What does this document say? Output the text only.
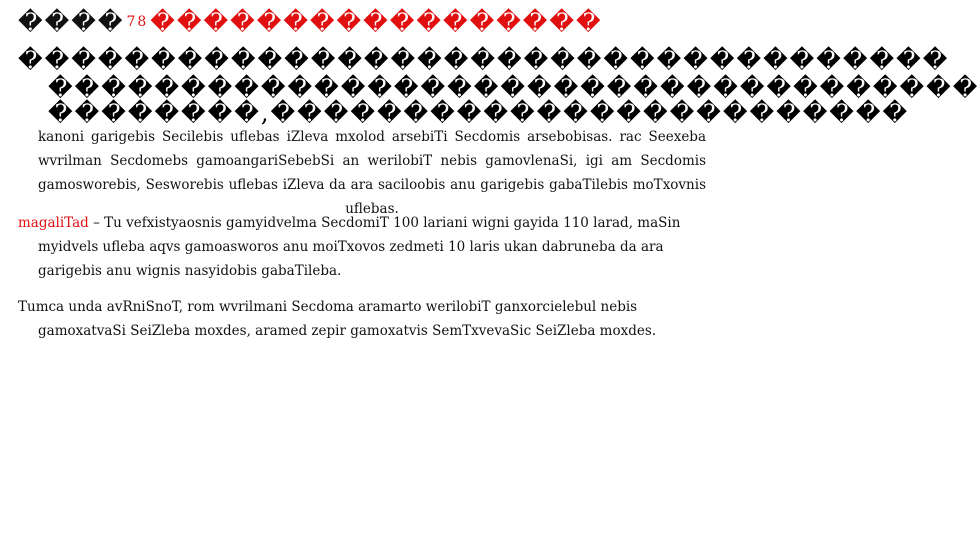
���� $^{78}$�����������������
�����������������������������������
�����������������������������������
��������,������������������������
kanoni garigebis Secilebis uflebas iZleva mxolod arsebiTi Secdomis arsebobisas. rac Seexeba wvrilman Secdomebs gamoangariSebebSi an werilobiT nebis gamovlenaSi, igi am Secdomis gamosworebis, Sesworebis uflebas iZleva da ara saciloobis anu garigebis gabaTilebis moTxovnis uflebas.
magaliTad – Tu vefxistyaosnis gamyidvelma SecdomiT 100 lariani wigni gayida 110 larad, maSin myidvels ufleba aqvs gamoasworos anu moiTxovos zedmeti 10 laris ukan dabruneba da ara garigebis anu wignis nasyidobis gabaTileba.
Tumca unda avRniSnoT, rom wvrilmani Secdoma aramarto werilobiT ganxorcielebul nebis gamoxatvaSi SeiZleba moxdes, aramed zepir gamoxatvis SemTxvevaSic SeiZleba moxdes.
